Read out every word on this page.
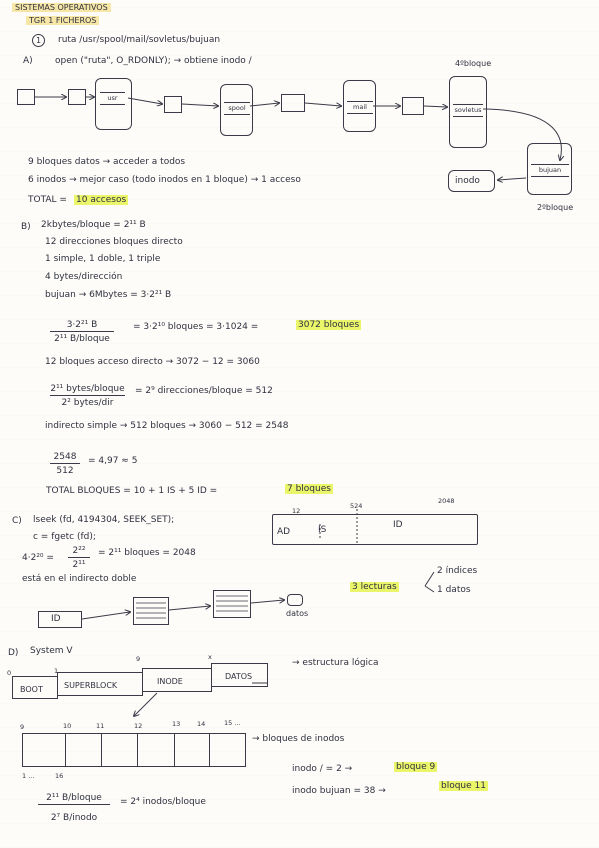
SISTEMAS OPERATIVOS
TGR 1 FICHEROS
1	ruta /usr/spool/mail/sovletus/bujuan
A) open ("ruta", O_RDONLY); → obtiene inodo /	4ºbloque
usr
spool	mail	sovletus
bujuan
2ºbloque
inodo
9 bloques datos → acceder a todos
6 inodos → mejor caso (todo inodos en 1 bloque) → 1 acceso
TOTAL = 10 accesos
B) 2kbytes/bloque = 2¹¹ B
12 direcciones bloques directo
1 simple, 1 doble, 1 triple
4 bytes/dirección
bujuan → 6Mbytes = 3·2²¹ B
3·2²¹ B
2¹¹ B/bloque
= 3·2¹⁰ bloques = 3·1024 =	3072 bloques
12 bloques acceso directo → 3072 − 12 = 3060
2¹¹ bytes/bloque
2² bytes/dir
= 2⁹ direcciones/bloque = 512
indirecto simple → 512 bloques → 3060 − 512 = 2548
2548
512
= 4,97 ≈ 5
TOTAL BLOQUES = 10 + 1 IS + 5 ID =	7 bloques
C) lseek (fd, 4194304, SEEK_SET);
c = fgetc (fd);
4·2²⁰ =
2²²
2¹¹
= 2¹¹ bloques = 2048
está en el indirecto doble
12
524
2048
AD	IS	ID
3 lecturas
2 índices
1 datos
ID
datos
D) System V
0	1
9	x
BOOT	SUPERBLOCK	INODE
DATOS
→ estructura lógica
9	10	11	12	13	14	15 ...
1 ...	16
→ bloques de inodos
inodo / = 2 →	bloque 9
inodo bujuan = 38 →	bloque 11
2¹¹ B/bloque
2⁷ B/inodo
= 2⁴ inodos/bloque
